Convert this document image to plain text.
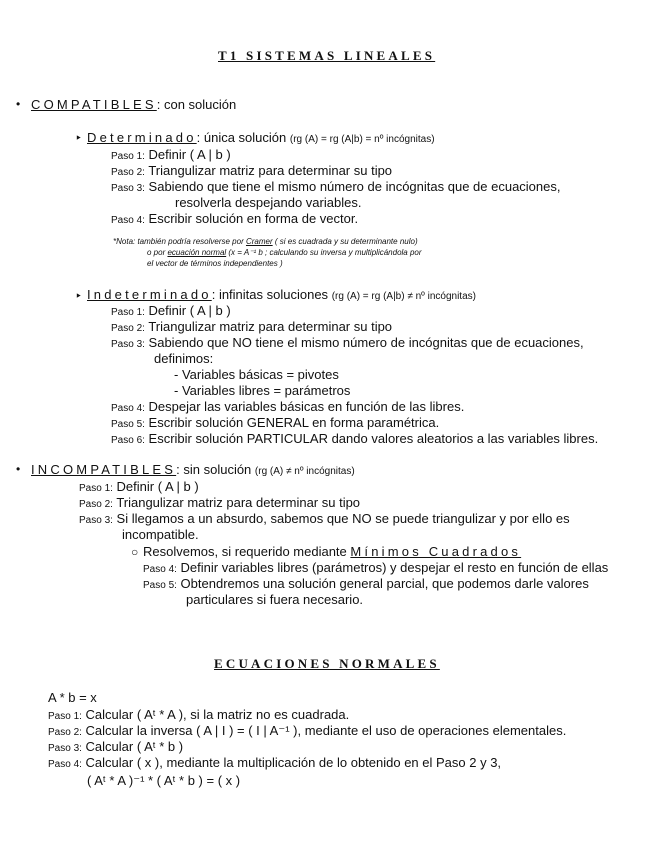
T1 SISTEMAS LINEALES
• COMPATIBLES: con solución
‣ Determinado: única solución (rg (A) = rg (A|b) = nº incógnitas)
Paso 1: Definir ( A | b )
Paso 2: Triangulizar matriz para determinar su tipo
Paso 3: Sabiendo que tiene el mismo número de incógnitas que de ecuaciones,
resolverla despejando variables.
Paso 4: Escribir solución en forma de vector.
*Nota: también podría resolverse por Cramer ( si es cuadrada y su determinante nulo)
o por ecuación normal (x = A⁻¹ b ; calculando su inversa y multiplicándola por
el vector de términos independientes )
‣ Indeterminado: infinitas soluciones (rg (A) = rg (A|b) ≠ nº incógnitas)
Paso 1: Definir ( A | b )
Paso 2: Triangulizar matriz para determinar su tipo
Paso 3: Sabiendo que NO tiene el mismo número de incógnitas que de ecuaciones,
definimos:
- Variables básicas = pivotes
- Variables libres = parámetros
Paso 4: Despejar las variables básicas en función de las libres.
Paso 5: Escribir solución GENERAL en forma paramétrica.
Paso 6: Escribir solución PARTICULAR dando valores aleatorios a las variables libres.
• INCOMPATIBLES: sin solución (rg (A) ≠ nº incógnitas)
Paso 1: Definir ( A | b )
Paso 2: Triangulizar matriz para determinar su tipo
Paso 3: Si llegamos a un absurdo, sabemos que NO se puede triangulizar y por ello es
incompatible.
○ Resolvemos, si requerido mediante Mínimos Cuadrados
Paso 4: Definir variables libres (parámetros) y despejar el resto en función de ellas
Paso 5: Obtendremos una solución general parcial, que podemos darle valores
particulares si fuera necesario.
ECUACIONES NORMALES
A * b = x
Paso 1: Calcular ( Aᵗ * A ), si la matriz no es cuadrada.
Paso 2: Calcular la inversa ( A | I ) = ( I | A⁻¹ ), mediante el uso de operaciones elementales.
Paso 3: Calcular ( Aᵗ * b )
Paso 4: Calcular ( x ), mediante la multiplicación de lo obtenido en el Paso 2 y 3,
( Aᵗ * A )⁻¹ * ( Aᵗ * b ) = ( x )
